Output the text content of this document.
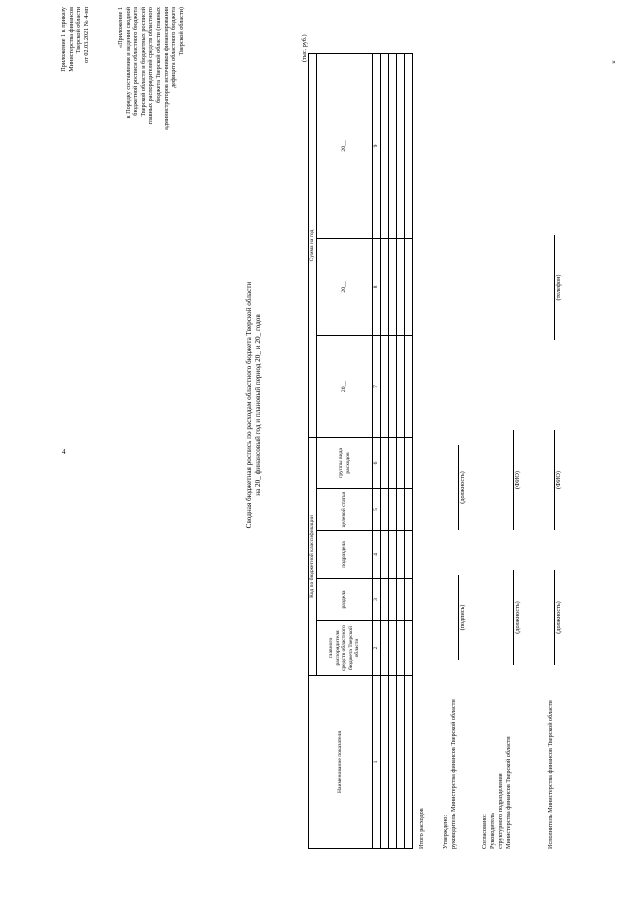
4
»
Приложение 1 к приказу Министерства финансов Тверской области от 02.03.2021 № 4-нп	«Приложение 1 к Порядку составления и ведения сводной бюджетной росписи областного бюджета Тверской области и бюджетных росписей главных распорядителей средств областного бюджета Тверской области (главных администраторов источников финансирования дефицита областного бюджета Тверской области)
Сводная бюджетная роспись по расходам областного бюджета Тверской области на 20_ финансовый год и плановый период 20_ и 20_ годов
(тыс. руб.)
Наименование показателя	Код по бюджетной классификации					Сумма на год		
	главного распорядителя средств областного бюджета Тверской области	раздела	подраздела	целевой статьи	группы вида расходов	20__	20__	20__
1	2	3	4	5	6	7	8	9

Итого расходов	Утверждено: руководитель Министерства финансов Тверской области
(подпись)
(должность)
Согласовано: Руководитель структурного подразделения Министерства финансов Тверской области
(должность)
(ФИО)
Исполнитель Министерства финансов Тверской области
(должность)
(ФИО)
(телефон)
